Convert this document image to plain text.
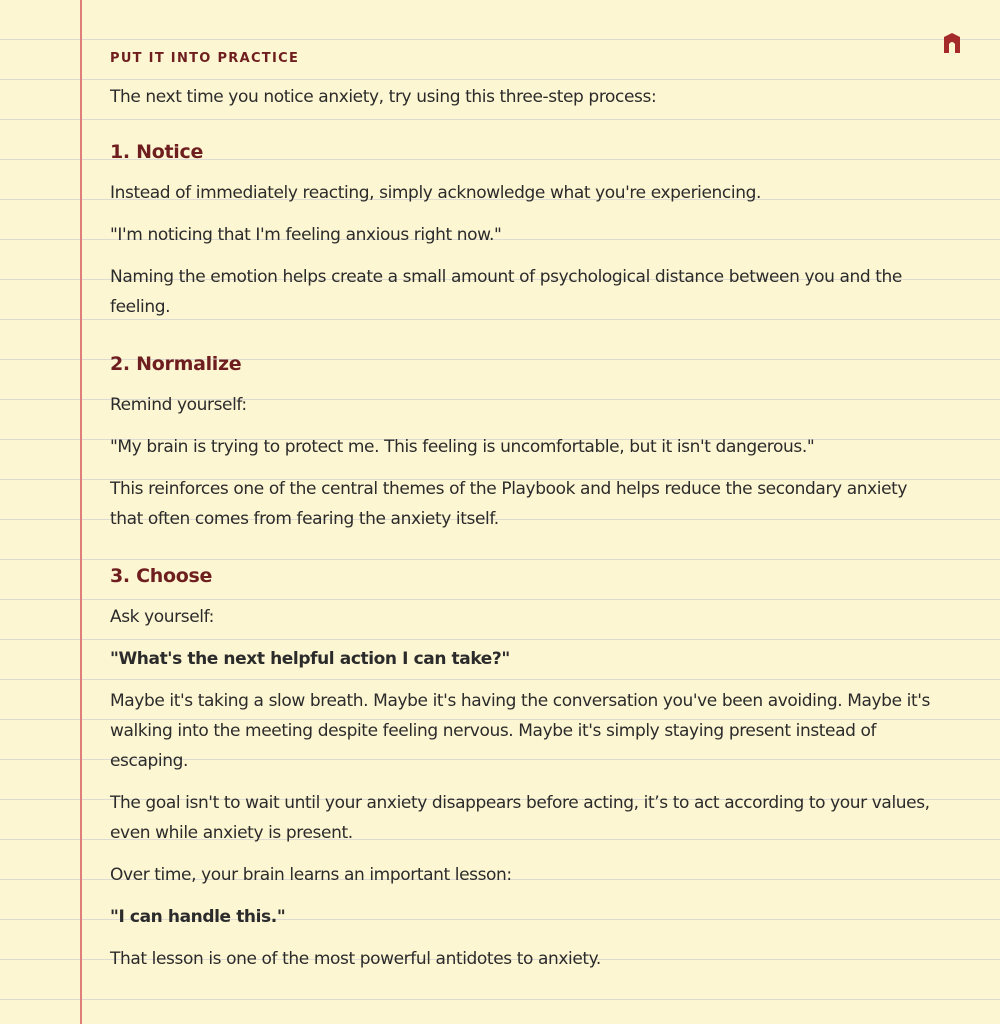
PUT IT INTO PRACTICE

The next time you notice anxiety, try using this three-step process:

1. Notice

Instead of immediately reacting, simply acknowledge what you're experiencing.

"I'm noticing that I'm feeling anxious right now."

Naming the emotion helps create a small amount of psychological distance between you and the feeling.

2. Normalize

Remind yourself:

"My brain is trying to protect me. This feeling is uncomfortable, but it isn't dangerous."

This reinforces one of the central themes of the Playbook and helps reduce the secondary anxiety that often comes from fearing the anxiety itself.

3. Choose

Ask yourself:

"What's the next helpful action I can take?"

Maybe it's taking a slow breath. Maybe it's having the conversation you've been avoiding. Maybe it's walking into the meeting despite feeling nervous. Maybe it's simply staying present instead of escaping.

The goal isn't to wait until your anxiety disappears before acting, it’s to act according to your values, even while anxiety is present.

Over time, your brain learns an important lesson:

"I can handle this."

That lesson is one of the most powerful antidotes to anxiety.
